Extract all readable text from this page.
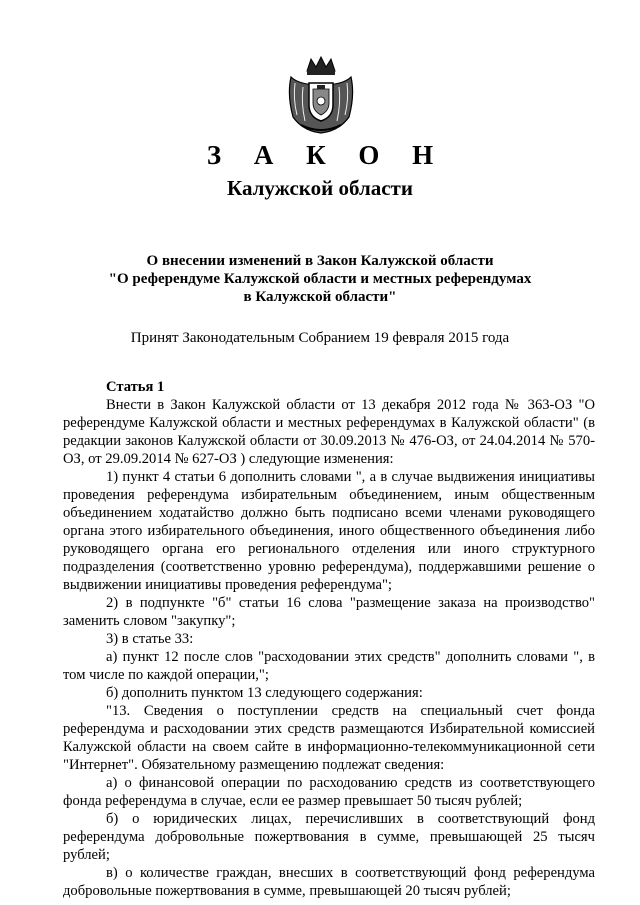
З А К О Н
Калужской области
О внесении изменений в Закон Калужской области
"О референдуме Калужской области и местных референдумах
в Калужской области"
Принят Законодательным Собранием 19 февраля 2015 года
Статья 1

Внести в Закон Калужской области от 13 декабря 2012 года № 363-ОЗ "О референдуме Калужской области и местных референдумах в Калужской области" (в редакции законов Калужской области от 30.09.2013 № 476-ОЗ, от 24.04.2014 № 570-ОЗ, от 29.09.2014 № 627-ОЗ ) следующие изменения:

1) пункт 4 статьи 6 дополнить словами ", а в случае выдвижения инициативы проведения референдума избирательным объединением, иным общественным объединением ходатайство должно быть подписано всеми членами руководящего органа этого избирательного объединения, иного общественного объединения либо руководящего органа его регионального отделения или иного структурного подразделения (соответственно уровню референдума), поддержавшими решение о выдвижении инициативы проведения референдума";

2) в подпункте "б" статьи 16 слова "размещение заказа на производство" заменить словом "закупку";

3) в статье 33:

а) пункт 12 после слов "расходовании этих средств" дополнить словами ", в том числе по каждой операции,";

б) дополнить пунктом 13 следующего содержания:

"13. Сведения о поступлении средств на специальный счет фонда референдума и расходовании этих средств размещаются Избирательной комиссией Калужской области на своем сайте в информационно-телекоммуникационной сети "Интернет". Обязательному размещению подлежат сведения:

а) о финансовой операции по расходованию средств из соответствующего фонда референдума в случае, если ее размер превышает 50 тысяч рублей;

б) о юридических лицах, перечисливших в соответствующий фонд референдума добровольные пожертвования в сумме, превышающей 25 тысяч рублей;

в) о количестве граждан, внесших в соответствующий фонд референдума добровольные пожертвования в сумме, превышающей 20 тысяч рублей;
